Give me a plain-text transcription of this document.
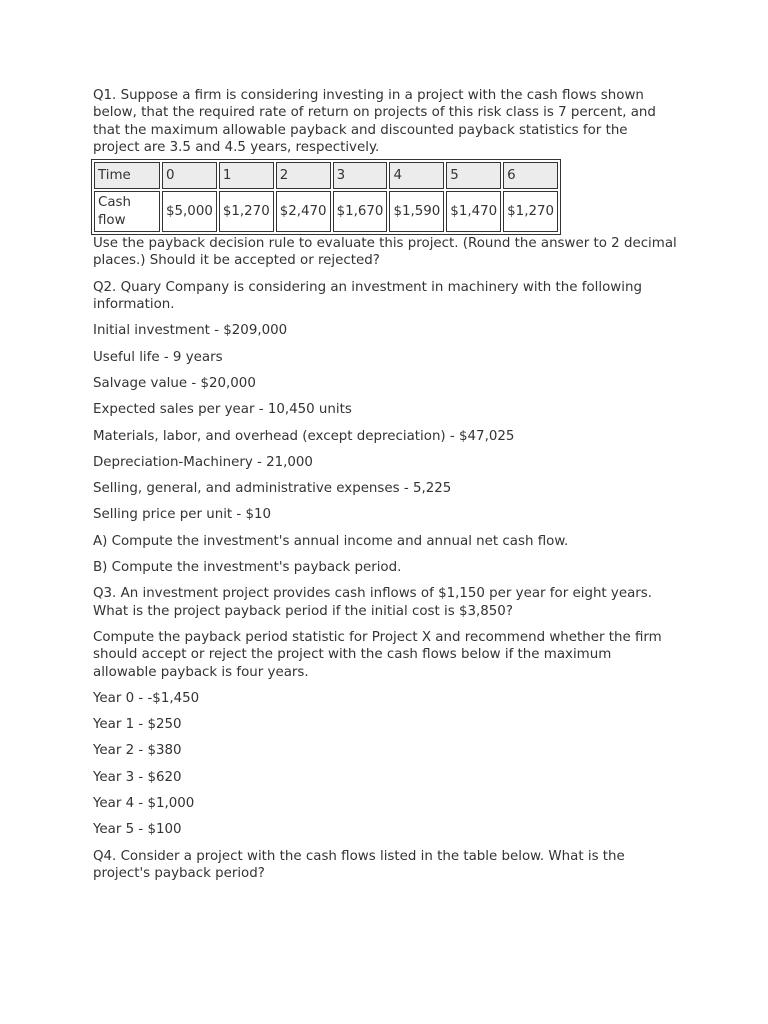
Q1. Suppose a firm is considering investing in a project with the cash flows shown below, that the required rate of return on projects of this risk class is 7 percent, and that the maximum allowable payback and discounted payback statistics for the project are 3.5 and 4.5 years, respectively.

Time	0	1	2	3	4	5	6
Cash flow	$5,000	$1,270	$2,470	$1,670	$1,590	$1,470	$1,270

Use the payback decision rule to evaluate this project. (Round the answer to 2 decimal places.) Should it be accepted or rejected?

Q2. Quary Company is considering an investment in machinery with the following information.

Initial investment - $209,000

Useful life - 9 years

Salvage value - $20,000

Expected sales per year - 10,450 units

Materials, labor, and overhead (except depreciation) - $47,025

Depreciation-Machinery - 21,000

Selling, general, and administrative expenses - 5,225

Selling price per unit - $10

A) Compute the investment's annual income and annual net cash flow.

B) Compute the investment's payback period.

Q3. An investment project provides cash inflows of $1,150 per year for eight years. What is the project payback period if the initial cost is $3,850?

Compute the payback period statistic for Project X and recommend whether the firm should accept or reject the project with the cash flows below if the maximum allowable payback is four years.

Year 0 - -$1,450

Year 1 - $250

Year 2 - $380

Year 3 - $620

Year 4 - $1,000

Year 5 - $100

Q4. Consider a project with the cash flows listed in the table below. What is the project's payback period?
